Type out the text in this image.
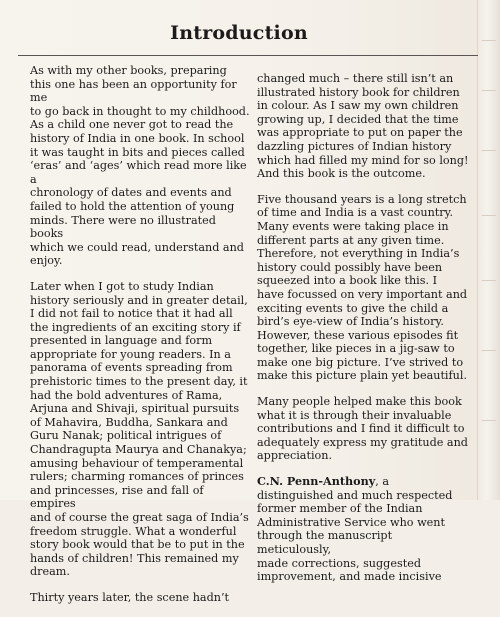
Introduction

As with my other books, preparing
this one has been an opportunity for me
to go back in thought to my childhood.
As a child one never got to read the
history of India in one book. In school
it was taught in bits and pieces called
‘eras’ and ‘ages’ which read more like a
chronology of dates and events and
failed to hold the attention of young
minds. There were no illustrated books
which we could read, understand and
enjoy.

Later when I got to study Indian
history seriously and in greater detail,
I did not fail to notice that it had all
the ingredients of an exciting story if
presented in language and form
appropriate for young readers. In a
panorama of events spreading from
prehistoric times to the present day, it
had the bold adventures of Rama,
Arjuna and Shivaji, spiritual pursuits
of Mahavira, Buddha, Sankara and
Guru Nanak; political intrigues of
Chandragupta Maurya and Chanakya;
amusing behaviour of temperamental
rulers; charming romances of princes
and princesses, rise and fall of empires
and of course the great saga of India’s
freedom struggle. What a wonderful
story book would that be to put in the
hands of children! This remained my
dream.

Thirty years later, the scene hadn’t

changed much – there still isn’t an
illustrated history book for children
in colour. As I saw my own children
growing up, I decided that the time
was appropriate to put on paper the
dazzling pictures of Indian history
which had filled my mind for so long!
And this book is the outcome.

Five thousand years is a long stretch
of time and India is a vast country.
Many events were taking place in
different parts at any given time.
Therefore, not everything in India’s
history could possibly have been
squeezed into a book like this. I
have focussed on very important and
exciting events to give the child a
bird’s eye-view of India’s history.
However, these various episodes fit
together, like pieces in a jig-saw to
make one big picture. I’ve strived to
make this picture plain yet beautiful.

Many people helped make this book
what it is through their invaluable
contributions and I find it difficult to
adequately express my gratitude and
appreciation.

C.N. Penn-Anthony, a
distinguished and much respected
former member of the Indian
Administrative Service who went
through the manuscript meticulously,
made corrections, suggested
improvement, and made incisive
